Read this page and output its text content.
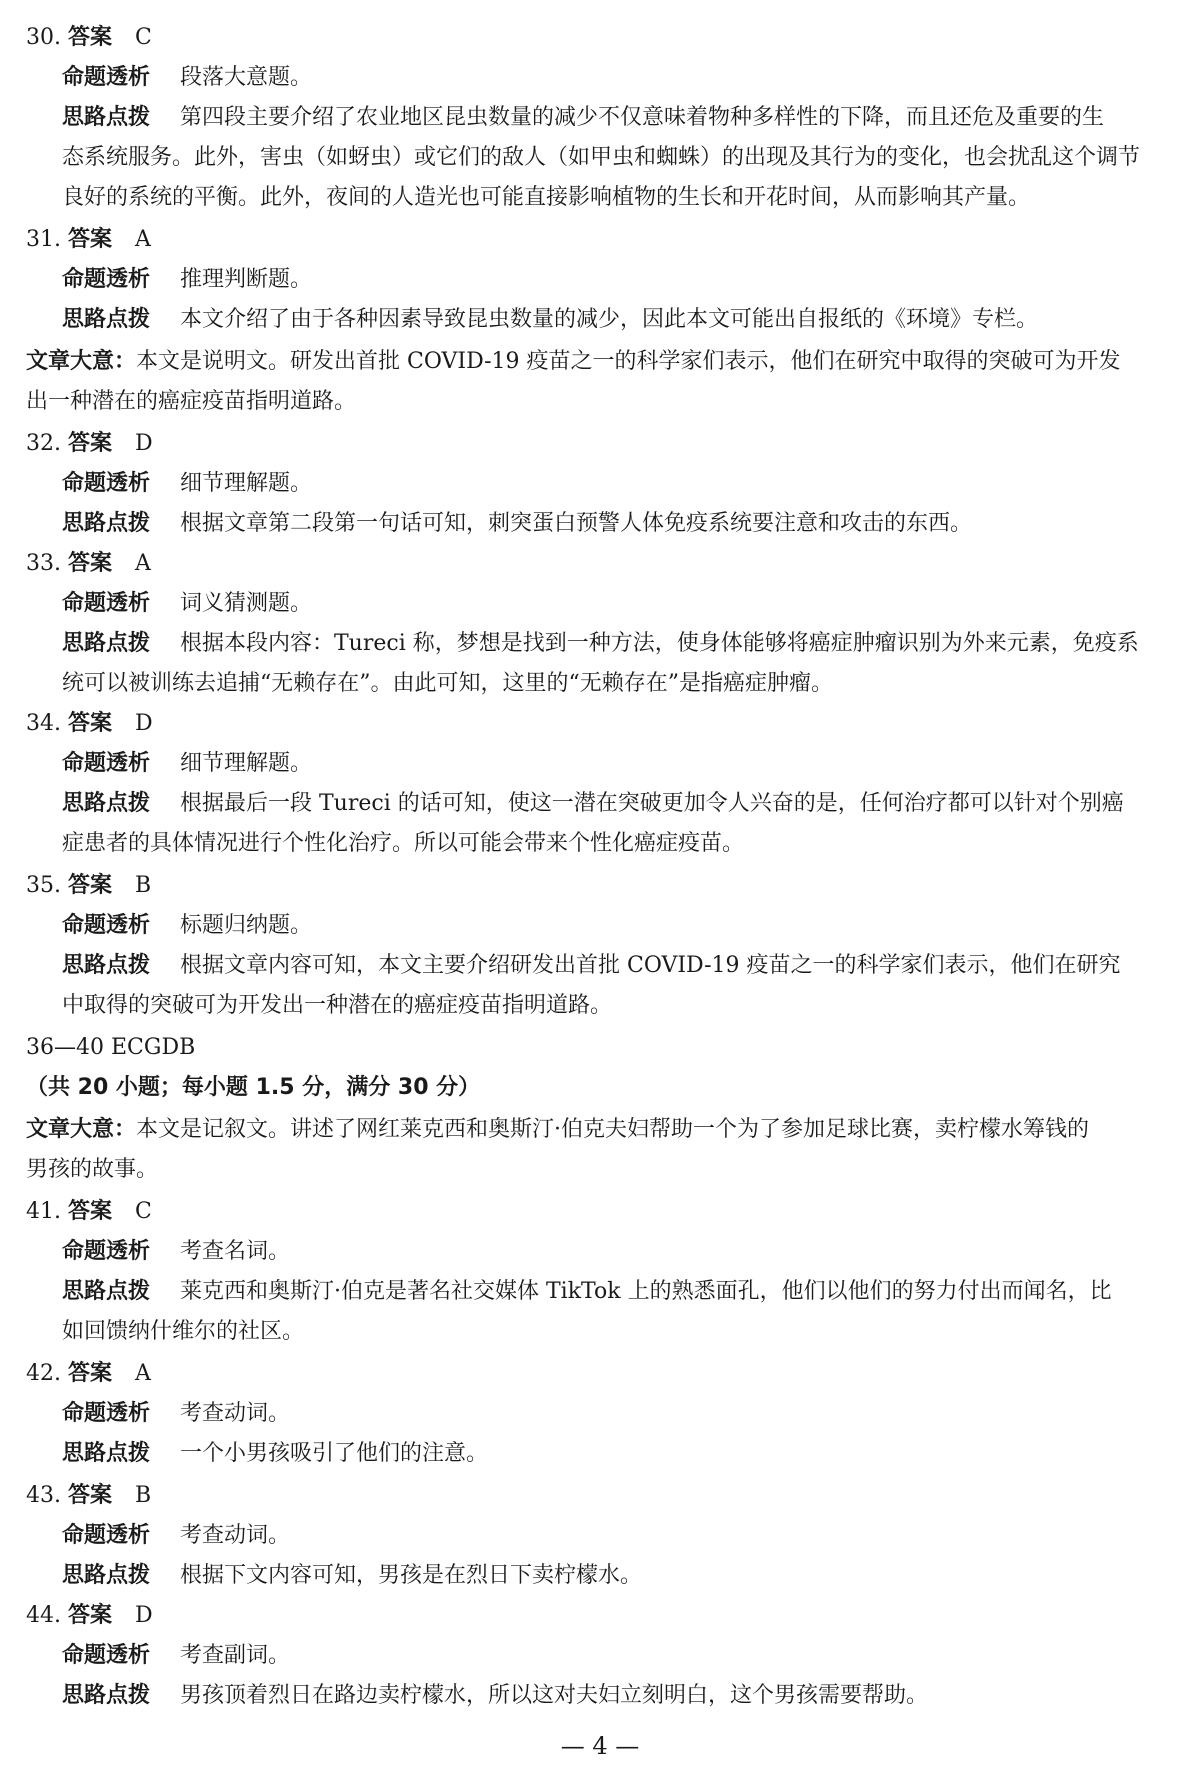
30. 答案 C
命题透析 段落大意题。
思路点拨 第四段主要介绍了农业地区昆虫数量的减少不仅意味着物种多样性的下降，而且还危及重要的生
态系统服务。此外，害虫（如蚜虫）或它们的敌人（如甲虫和蜘蛛）的出现及其行为的变化，也会扰乱这个调节
良好的系统的平衡。此外，夜间的人造光也可能直接影响植物的生长和开花时间，从而影响其产量。
31. 答案 A
命题透析 推理判断题。
思路点拨 本文介绍了由于各种因素导致昆虫数量的减少，因此本文可能出自报纸的《环境》专栏。
文章大意：本文是说明文。研发出首批 COVID-19 疫苗之一的科学家们表示，他们在研究中取得的突破可为开发
出一种潜在的癌症疫苗指明道路。
32. 答案 D
命题透析 细节理解题。
思路点拨 根据文章第二段第一句话可知，刺突蛋白预警人体免疫系统要注意和攻击的东西。
33. 答案 A
命题透析 词义猜测题。
思路点拨 根据本段内容：Tureci 称，梦想是找到一种方法，使身体能够将癌症肿瘤识别为外来元素，免疫系
统可以被训练去追捕“无赖存在”。由此可知，这里的“无赖存在”是指癌症肿瘤。
34. 答案 D
命题透析 细节理解题。
思路点拨 根据最后一段 Tureci 的话可知，使这一潜在突破更加令人兴奋的是，任何治疗都可以针对个别癌
症患者的具体情况进行个性化治疗。所以可能会带来个性化癌症疫苗。
35. 答案 B
命题透析 标题归纳题。
思路点拨 根据文章内容可知，本文主要介绍研发出首批 COVID-19 疫苗之一的科学家们表示，他们在研究
中取得的突破可为开发出一种潜在的癌症疫苗指明道路。
36—40 ECGDB
（共 20 小题；每小题 1.5 分，满分 30 分）
文章大意：本文是记叙文。讲述了网红莱克西和奥斯汀·伯克夫妇帮助一个为了参加足球比赛，卖柠檬水筹钱的
男孩的故事。
41. 答案 C
命题透析 考查名词。
思路点拨 莱克西和奥斯汀·伯克是著名社交媒体 TikTok 上的熟悉面孔，他们以他们的努力付出而闻名，比
如回馈纳什维尔的社区。
42. 答案 A
命题透析 考查动词。
思路点拨 一个小男孩吸引了他们的注意。
43. 答案 B
命题透析 考查动词。
思路点拨 根据下文内容可知，男孩是在烈日下卖柠檬水。
44. 答案 D
命题透析 考查副词。
思路点拨 男孩顶着烈日在路边卖柠檬水，所以这对夫妇立刻明白，这个男孩需要帮助。
— 4 —
